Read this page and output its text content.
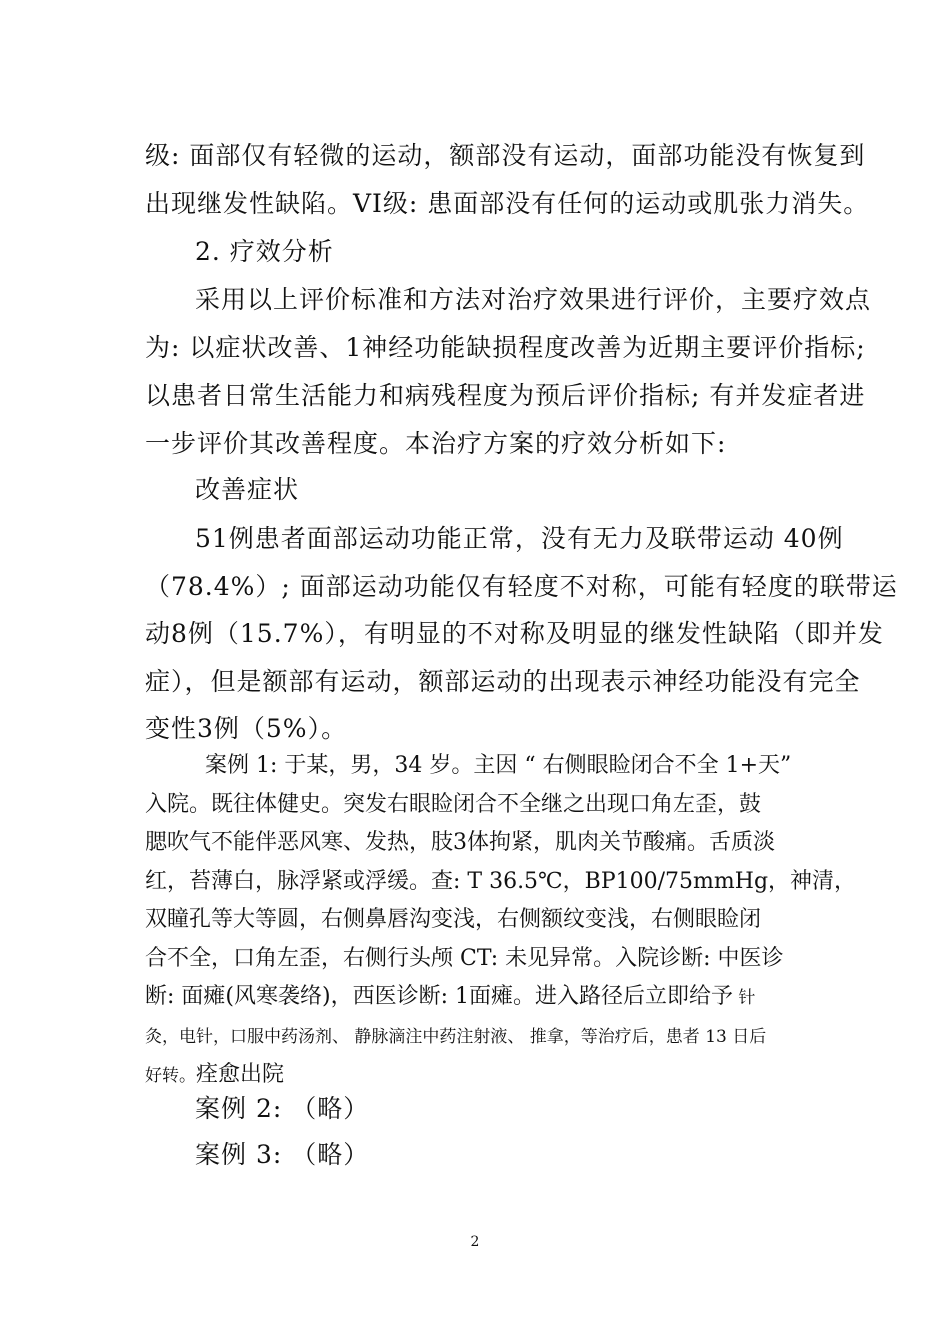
级: 面部仅有轻微的运动，额部没有运动，面部功能没有恢复到
出现继发性缺陷。VI级: 患面部没有任何的运动或肌张力消失。
2. 疗效分析
采用以上评价标准和方法对治疗效果进行评价，主要疗效点
为: 以症状改善、1神经功能缺损程度改善为近期主要评价指标;
以患者日常生活能力和病残程度为预后评价指标; 有并发症者进
一步评价其改善程度。本治疗方案的疗效分析如下:
改善症状
51例患者面部运动功能正常，没有无力及联带运动 40例
（78.4%）; 面部运动功能仅有轻度不对称，可能有轻度的联带运
动8例（15.7%），有明显的不对称及明显的继发性缺陷（即并发
症），但是额部有运动，额部运动的出现表示神经功能没有完全
变性3例（5%）。
案例 1: 于某，男，34 岁。主因 “ 右侧眼睑闭合不全 1+天”
入院。既往体健史。突发右眼睑闭合不全继之出现口角左歪，鼓
腮吹气不能伴恶风寒、发热，肢3体拘紧，肌肉关节酸痛。舌质淡
红，苔薄白，脉浮紧或浮缓。查: T 36.5℃，BP100/75mmHg，神清，
双瞳孔等大等圆，右侧鼻唇沟变浅，右侧额纹变浅，右侧眼睑闭
合不全，口角左歪，右侧行头颅 CT: 未见异常。入院诊断: 中医诊
断: 面瘫(风寒袭络)，西医诊断: 1面瘫。进入路径后立即给予 针
灸，电针，口服中药汤剂、 静脉滴注中药注射液、 推拿，等治疗后，患者 13 日后
好转。痊愈出院
案例 2: （略）
案例 3: （略）
2
